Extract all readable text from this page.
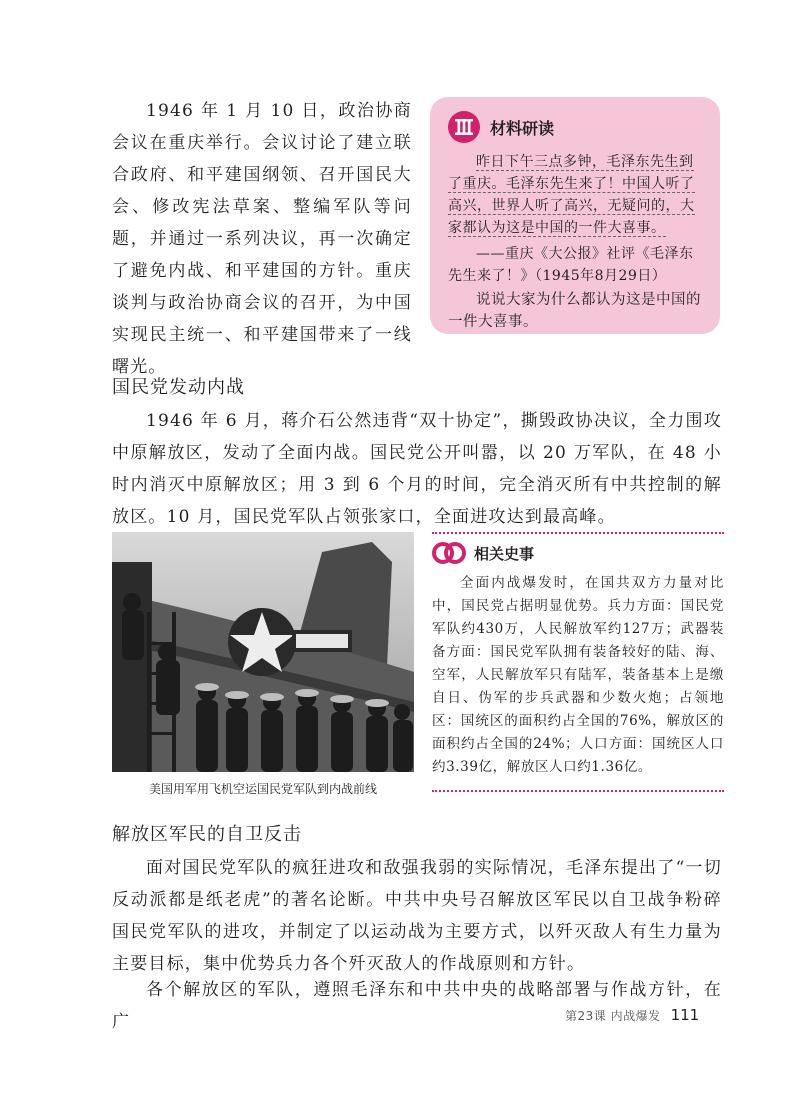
1946 年 1 月 10 日，政治协商会议在重庆举行。会议讨论了建立联合政府、和平建国纲领、召开国民大会、修改宪法草案、整编军队等问题，并通过一系列决议，再一次确定了避免内战、和平建国的方针。重庆谈判与政治协商会议的召开，为中国实现民主统一、和平建国带来了一线曙光。
材料研读
昨日下午三点多钟，毛泽东先生到了重庆。毛泽东先生来了！中国人听了高兴，世界人听了高兴，无疑问的，大家都认为这是中国的一件大喜事。
——重庆《大公报》社评《毛泽东先生来了！》（1945年8月29日）
说说大家为什么都认为这是中国的一件大喜事。
国民党发动内战
1946 年 6 月，蒋介石公然违背“双十协定”，撕毁政协决议，全力围攻中原解放区，发动了全面内战。国民党公开叫嚣，以 20 万军队，在 48 小时内消灭中原解放区；用 3 到 6 个月的时间，完全消灭所有中共控制的解放区。10 月，国民党军队占领张家口，全面进攻达到最高峰。
美国用军用飞机空运国民党军队到内战前线
相关史事
全面内战爆发时，在国共双方力量对比中，国民党占据明显优势。兵力方面：国民党军队约430万，人民解放军约127万；武器装备方面：国民党军队拥有装备较好的陆、海、空军，人民解放军只有陆军，装备基本上是缴自日、伪军的步兵武器和少数火炮；占领地区：国统区的面积约占全国的76%，解放区的面积约占全国的24%；人口方面：国统区人口约3.39亿，解放区人口约1.36亿。
解放区军民的自卫反击
面对国民党军队的疯狂进攻和敌强我弱的实际情况，毛泽东提出了“一切反动派都是纸老虎”的著名论断。中共中央号召解放区军民以自卫战争粉碎国民党军队的进攻，并制定了以运动战为主要方式，以歼灭敌人有生力量为主要目标，集中优势兵力各个歼灭敌人的作战原则和方针。
各个解放区的军队，遵照毛泽东和中共中央的战略部署与作战方针，在广	第23课 内战爆发 111
